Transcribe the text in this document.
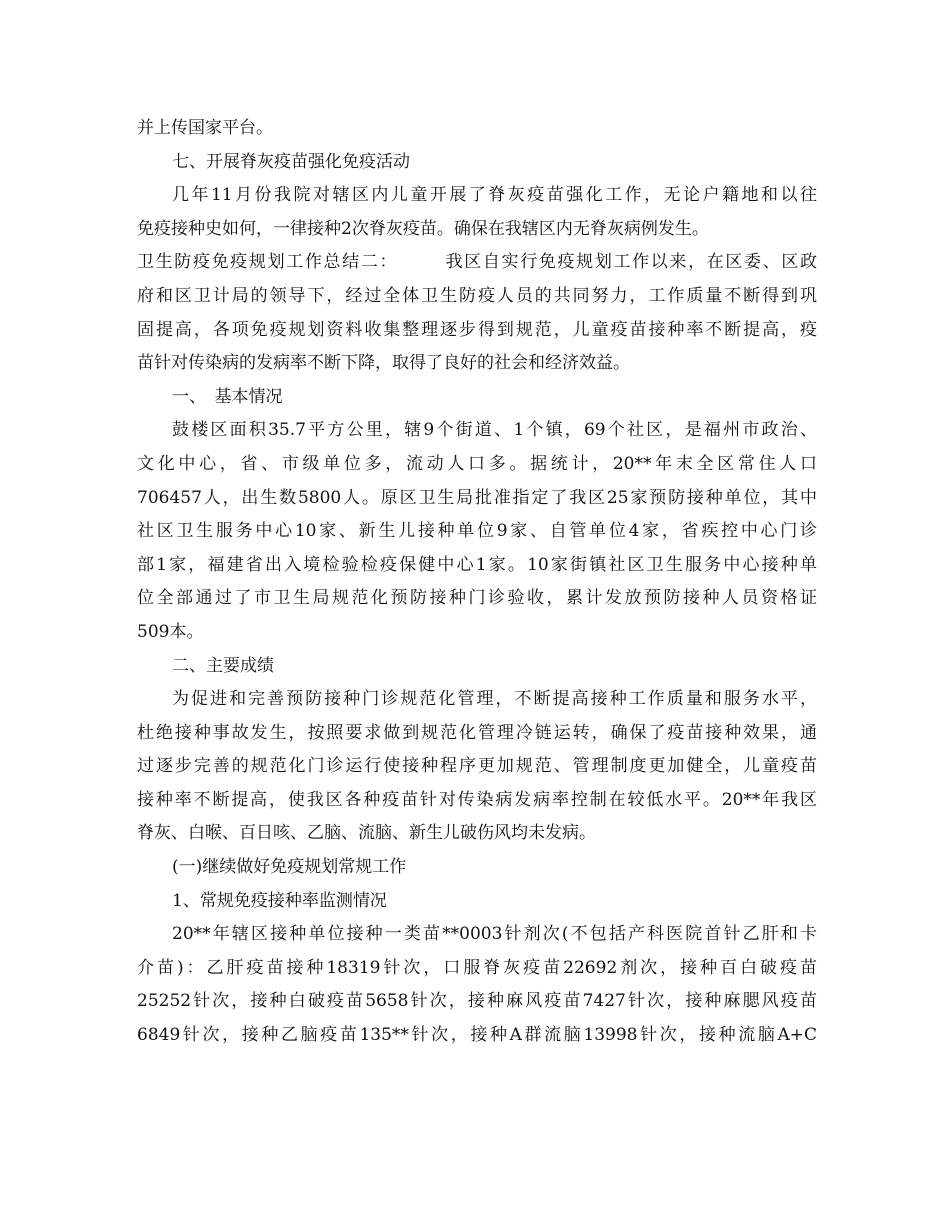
并上传国家平台。
七、开展脊灰疫苗强化免疫活动
几年11月份我院对辖区内儿童开展了脊灰疫苗强化工作，无论户籍地和以往
免疫接种史如何，一律接种2次脊灰疫苗。确保在我辖区内无脊灰病例发生。
卫生防疫免疫规划工作总结二：　　　我区自实行免疫规划工作以来，在区委、区政
府和区卫计局的领导下，经过全体卫生防疫人员的共同努力，工作质量不断得到巩
固提高，各项免疫规划资料收集整理逐步得到规范，儿童疫苗接种率不断提高，疫
苗针对传染病的发病率不断下降，取得了良好的社会和经济效益。
一、　基本情况
鼓楼区面积35.7平方公里，辖9个街道、1个镇，69个社区，是福州市政治、
文化中心，省、市级单位多，流动人口多。据统计，20**年末全区常住人口
706457人，出生数5800人。原区卫生局批准指定了我区25家预防接种单位，其中
社区卫生服务中心10家、新生儿接种单位9家、自管单位4家，省疾控中心门诊
部1家，福建省出入境检验检疫保健中心1家。10家街镇社区卫生服务中心接种单
位全部通过了市卫生局规范化预防接种门诊验收，累计发放预防接种人员资格证
509本。
二、主要成绩
为促进和完善预防接种门诊规范化管理，不断提高接种工作质量和服务水平，
杜绝接种事故发生，按照要求做到规范化管理冷链运转，确保了疫苗接种效果，通
过逐步完善的规范化门诊运行使接种程序更加规范、管理制度更加健全，儿童疫苗
接种率不断提高，使我区各种疫苗针对传染病发病率控制在较低水平。20**年我区
脊灰、白喉、百日咳、乙脑、流脑、新生儿破伤风均未发病。
(一)继续做好免疫规划常规工作
1、常规免疫接种率监测情况
20**年辖区接种单位接种一类苗**0003针剂次(不包括产科医院首针乙肝和卡
介苗)：乙肝疫苗接种18319针次，口服脊灰疫苗22692剂次，接种百白破疫苗
25252针次，接种白破疫苗5658针次，接种麻风疫苗7427针次，接种麻腮风疫苗
6849针次，接种乙脑疫苗135**针次，接种A群流脑13998针次，接种流脑A+C
